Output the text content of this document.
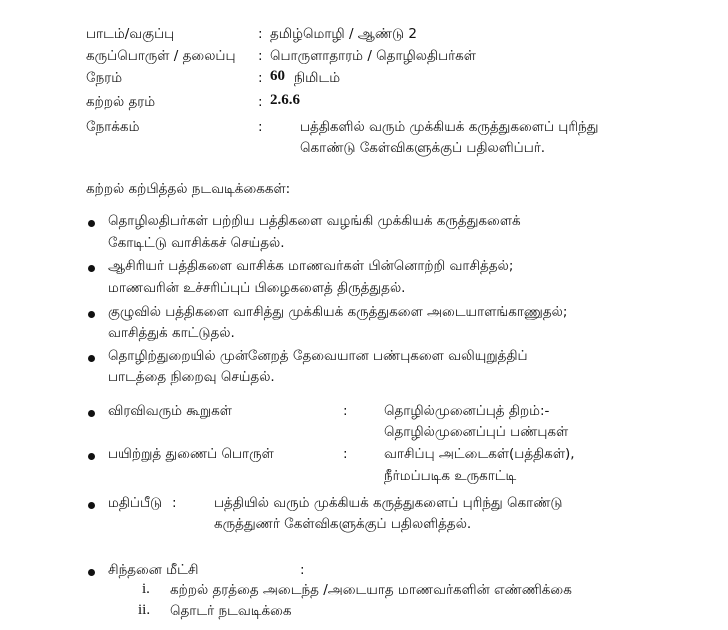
பாடம்/வகுப்பு	: தமிழ்மொழி / ஆண்டு 2
கருப்பொருள் / தலைப்பு : பொருளாதாரம் / தொழிலதிபர்கள்
நேரம்	: 60 நிமிடம்
கற்றல் தரம்	: 2.6.6
நோக்கம்	:	பத்திகளில் வரும் முக்கியக் கருத்துகளைப் புரிந்து
கொண்டு கேள்விகளுக்குப் பதிலளிப்பர்.
கற்றல் கற்பித்தல் நடவடிக்கைகள்:
தொழிலதிபர்கள் பற்றிய பத்திகளை வழங்கி முக்கியக் கருத்துகளைக்
கோடிட்டு வாசிக்கச் செய்தல்.
ஆசிரியர் பத்திகளை வாசிக்க மாணவர்கள் பின்னொற்றி வாசித்தல்;
மாணவரின் உச்சரிப்புப் பிழைகளைத் திருத்துதல்.
குழுவில் பத்திகளை வாசித்து முக்கியக் கருத்துகளை அடையாளங்காணுதல்;
வாசித்துக் காட்டுதல்.
தொழிற்துறையில் முன்னேறத் தேவையான பண்புகளை வலியுறுத்திப்
பாடத்தை நிறைவு செய்தல்.
விரவிவரும் கூறுகள்	:	தொழில்முனைப்புத் திறம்:-
தொழில்முனைப்புப் பண்புகள்
பயிற்றுத் துணைப் பொருள்	:	வாசிப்பு அட்டைகள்(பத்திகள்),
நீர்மப்படிக உருகாட்டி
மதிப்பீடு :	பத்தியில் வரும் முக்கியக் கருத்துகளைப் புரிந்து கொண்டு
கருத்துணர் கேள்விகளுக்குப் பதிலளித்தல்.
சிந்தனை மீட்சி	:
i. கற்றல் தரத்தை அடைந்த /அடையாத மாணவர்களின் எண்ணிக்கை
ii. தொடர் நடவடிக்கை
